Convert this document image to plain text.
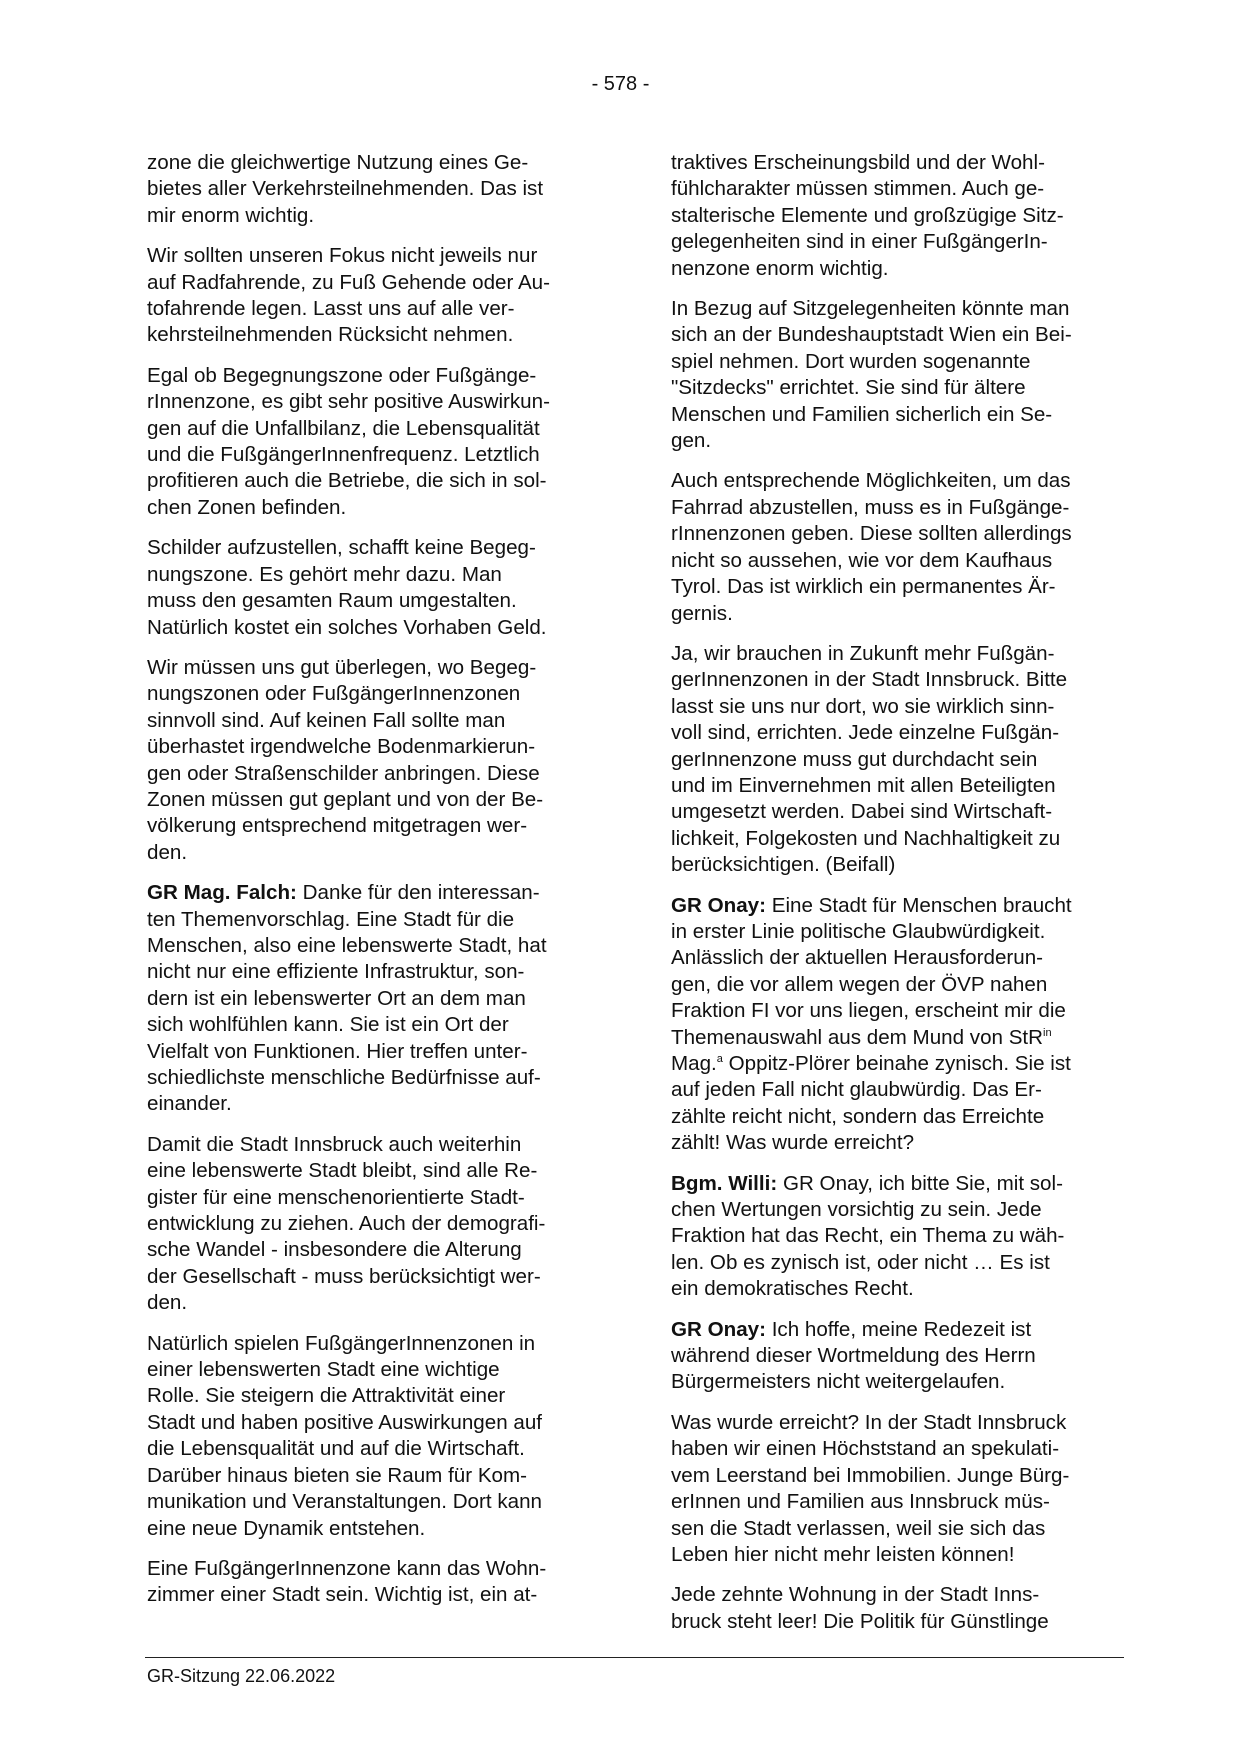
- 578 -

zone die gleichwertige Nutzung eines Ge-
bietes aller Verkehrsteilnehmenden. Das ist
mir enorm wichtig.

Wir sollten unseren Fokus nicht jeweils nur
auf Radfahrende, zu Fuß Gehende oder Au-
tofahrende legen. Lasst uns auf alle ver-
kehrsteilnehmenden Rücksicht nehmen.

Egal ob Begegnungszone oder Fußgänge-
rInnenzone, es gibt sehr positive Auswirkun-
gen auf die Unfallbilanz, die Lebensqualität
und die FußgängerInnenfrequenz. Letztlich
profitieren auch die Betriebe, die sich in sol-
chen Zonen befinden.

Schilder aufzustellen, schafft keine Begeg-
nungszone. Es gehört mehr dazu. Man
muss den gesamten Raum umgestalten.
Natürlich kostet ein solches Vorhaben Geld.

Wir müssen uns gut überlegen, wo Begeg-
nungszonen oder FußgängerInnenzonen
sinnvoll sind. Auf keinen Fall sollte man
überhastet irgendwelche Bodenmarkierun-
gen oder Straßenschilder anbringen. Diese
Zonen müssen gut geplant und von der Be-
völkerung entsprechend mitgetragen wer-
den.

GR Mag. Falch: Danke für den interessan-
ten Themenvorschlag. Eine Stadt für die
Menschen, also eine lebenswerte Stadt, hat
nicht nur eine effiziente Infrastruktur, son-
dern ist ein lebenswerter Ort an dem man
sich wohlfühlen kann. Sie ist ein Ort der
Vielfalt von Funktionen. Hier treffen unter-
schiedlichste menschliche Bedürfnisse auf-
einander.

Damit die Stadt Innsbruck auch weiterhin
eine lebenswerte Stadt bleibt, sind alle Re-
gister für eine menschenorientierte Stadt-
entwicklung zu ziehen. Auch der demografi-
sche Wandel - insbesondere die Alterung
der Gesellschaft - muss berücksichtigt wer-
den.

Natürlich spielen FußgängerInnenzonen in
einer lebenswerten Stadt eine wichtige
Rolle. Sie steigern die Attraktivität einer
Stadt und haben positive Auswirkungen auf
die Lebensqualität und auf die Wirtschaft.
Darüber hinaus bieten sie Raum für Kom-
munikation und Veranstaltungen. Dort kann
eine neue Dynamik entstehen.

Eine FußgängerInnenzone kann das Wohn-
zimmer einer Stadt sein. Wichtig ist, ein at-

traktives Erscheinungsbild und der Wohl-
fühlcharakter müssen stimmen. Auch ge-
stalterische Elemente und großzügige Sitz-
gelegenheiten sind in einer FußgängerIn-
nenzone enorm wichtig.

In Bezug auf Sitzgelegenheiten könnte man
sich an der Bundeshauptstadt Wien ein Bei-
spiel nehmen. Dort wurden sogenannte
"Sitzdecks" errichtet. Sie sind für ältere
Menschen und Familien sicherlich ein Se-
gen.

Auch entsprechende Möglichkeiten, um das
Fahrrad abzustellen, muss es in Fußgänge-
rInnenzonen geben. Diese sollten allerdings
nicht so aussehen, wie vor dem Kaufhaus
Tyrol. Das ist wirklich ein permanentes Är-
gernis.

Ja, wir brauchen in Zukunft mehr Fußgän-
gerInnenzonen in der Stadt Innsbruck. Bitte
lasst sie uns nur dort, wo sie wirklich sinn-
voll sind, errichten. Jede einzelne Fußgän-
gerInnenzone muss gut durchdacht sein
und im Einvernehmen mit allen Beteiligten
umgesetzt werden. Dabei sind Wirtschaft-
lichkeit, Folgekosten und Nachhaltigkeit zu
berücksichtigen. (Beifall)

GR Onay: Eine Stadt für Menschen braucht
in erster Linie politische Glaubwürdigkeit.
Anlässlich der aktuellen Herausforderun-
gen, die vor allem wegen der ÖVP nahen
Fraktion FI vor uns liegen, erscheint mir die
Themenauswahl aus dem Mund von StR$^{in}$
Mag.$^a$ Oppitz-Plörer beinahe zynisch. Sie ist
auf jeden Fall nicht glaubwürdig. Das Er-
zählte reicht nicht, sondern das Erreichte
zählt! Was wurde erreicht?

Bgm. Willi: GR Onay, ich bitte Sie, mit sol-
chen Wertungen vorsichtig zu sein. Jede
Fraktion hat das Recht, ein Thema zu wäh-
len. Ob es zynisch ist, oder nicht … Es ist
ein demokratisches Recht.

GR Onay: Ich hoffe, meine Redezeit ist
während dieser Wortmeldung des Herrn
Bürgermeisters nicht weitergelaufen.

Was wurde erreicht? In der Stadt Innsbruck
haben wir einen Höchststand an spekulati-
vem Leerstand bei Immobilien. Junge Bürg-
erInnen und Familien aus Innsbruck müs-
sen die Stadt verlassen, weil sie sich das
Leben hier nicht mehr leisten können!

Jede zehnte Wohnung in der Stadt Inns-
bruck steht leer! Die Politik für Günstlinge

GR-Sitzung 22.06.2022
